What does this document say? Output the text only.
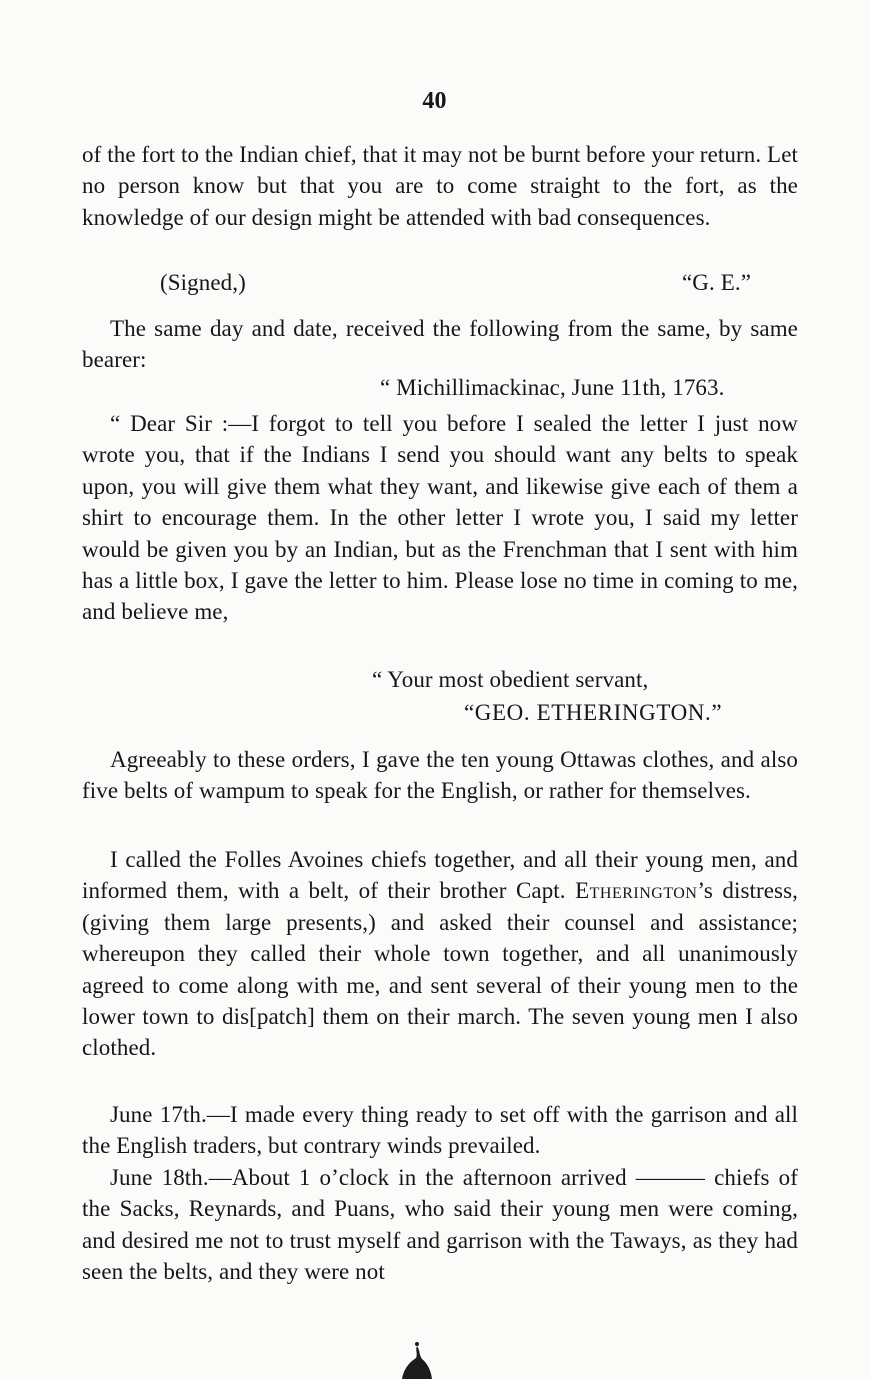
40

of the fort to the Indian chief, that it may not be burnt before your return. Let no person know but that you are to come straight to the fort, as the knowledge of our design might be attended with bad consequences.

(Signed,)	“G. E.”

The same day and date, received the following from the same, by same bearer:

“ Michillimackinac, June 11th, 1763.

“ Dear Sir :—I forgot to tell you before I sealed the letter I just now wrote you, that if the Indians I send you should want any belts to speak upon, you will give them what they want, and likewise give each of them a shirt to encourage them. In the other letter I wrote you, I said my letter would be given you by an Indian, but as the Frenchman that I sent with him has a little box, I gave the letter to him. Please lose no time in coming to me, and believe me,

“ Your most obedient servant,
“GEO. ETHERINGTON.”

Agreeably to these orders, I gave the ten young Ottawas clothes, and also five belts of wampum to speak for the English, or rather for themselves.

I called the Folles Avoines chiefs together, and all their young men, and informed them, with a belt, of their brother Capt. Etherington’s distress, (giving them large presents,) and asked their counsel and assistance; whereupon they called their whole town together, and all unanimously agreed to come along with me, and sent several of their young men to the lower town to dis[patch] them on their march. The seven young men I also clothed.

June 17th.—I made every thing ready to set off with the garrison and all the English traders, but contrary winds prevailed.

June 18th.—About 1 o’clock in the afternoon arrived ——— chiefs of the Sacks, Reynards, and Puans, who said their young men were coming, and desired me not to trust myself and garrison with the Taways, as they had seen the belts, and they were not
